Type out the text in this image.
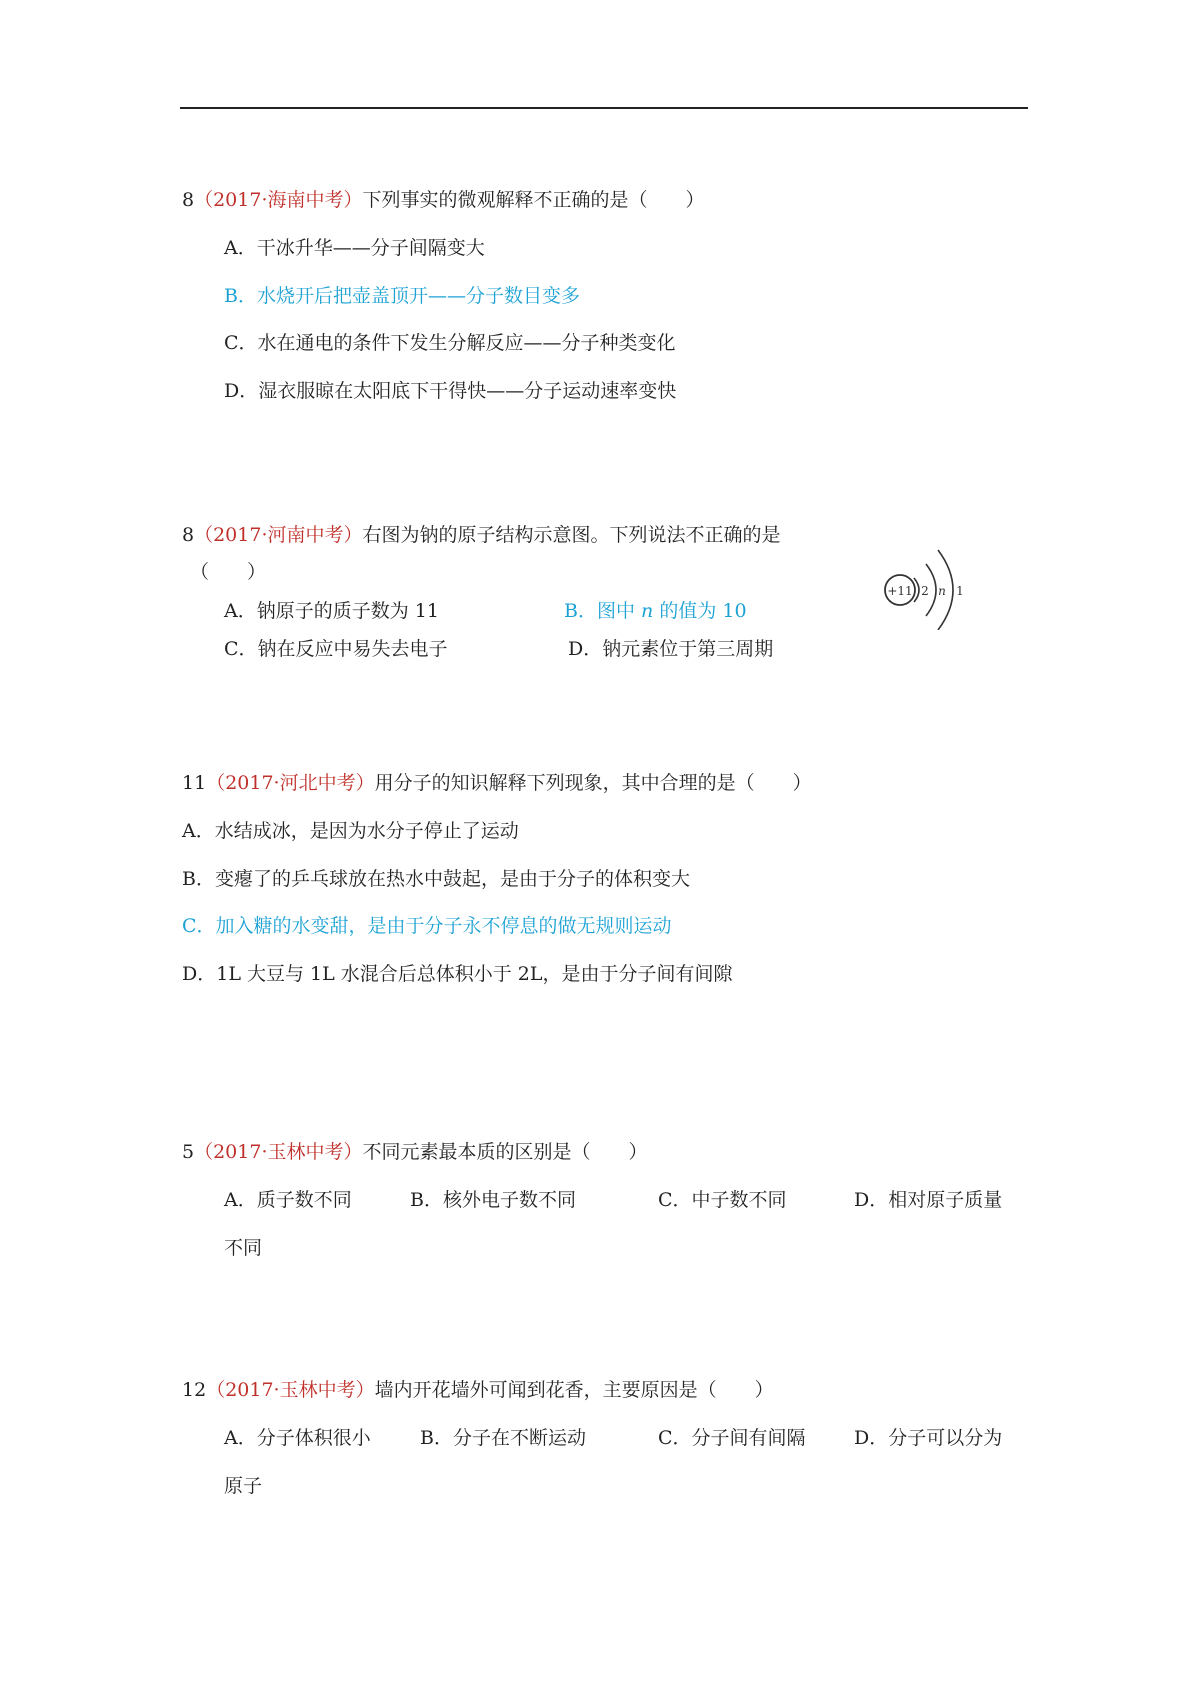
8（2017·海南中考）下列事实的微观解释不正确的是（　　）
A．干冰升华——分子间隔变大
B．水烧开后把壶盖顶开——分子数目变多
C．水在通电的条件下发生分解反应——分子种类变化
D．湿衣服晾在太阳底下干得快——分子运动速率变快
8（2017·河南中考）右图为钠的原子结构示意图。下列说法不正确的是
（　　）
A．钠原子的质子数为 11	B．图中 n 的值为 10
C．钠在反应中易失去电子	D．钠元素位于第三周期
+11 2 n 1
11（2017·河北中考）用分子的知识解释下列现象，其中合理的是（　　）
A．水结成冰，是因为水分子停止了运动
B．变瘪了的乒乓球放在热水中鼓起，是由于分子的体积变大
C．加入糖的水变甜，是由于分子永不停息的做无规则运动
D．1L 大豆与 1L 水混合后总体积小于 2L，是由于分子间有间隙
5（2017·玉林中考）不同元素最本质的区别是（　　）
A．质子数不同	B．核外电子数不同	C．中子数不同	D．相对原子质量
不同
12（2017·玉林中考）墙内开花墙外可闻到花香，主要原因是（　　）
A．分子体积很小	B．分子在不断运动	C．分子间有间隔	D．分子可以分为
原子
